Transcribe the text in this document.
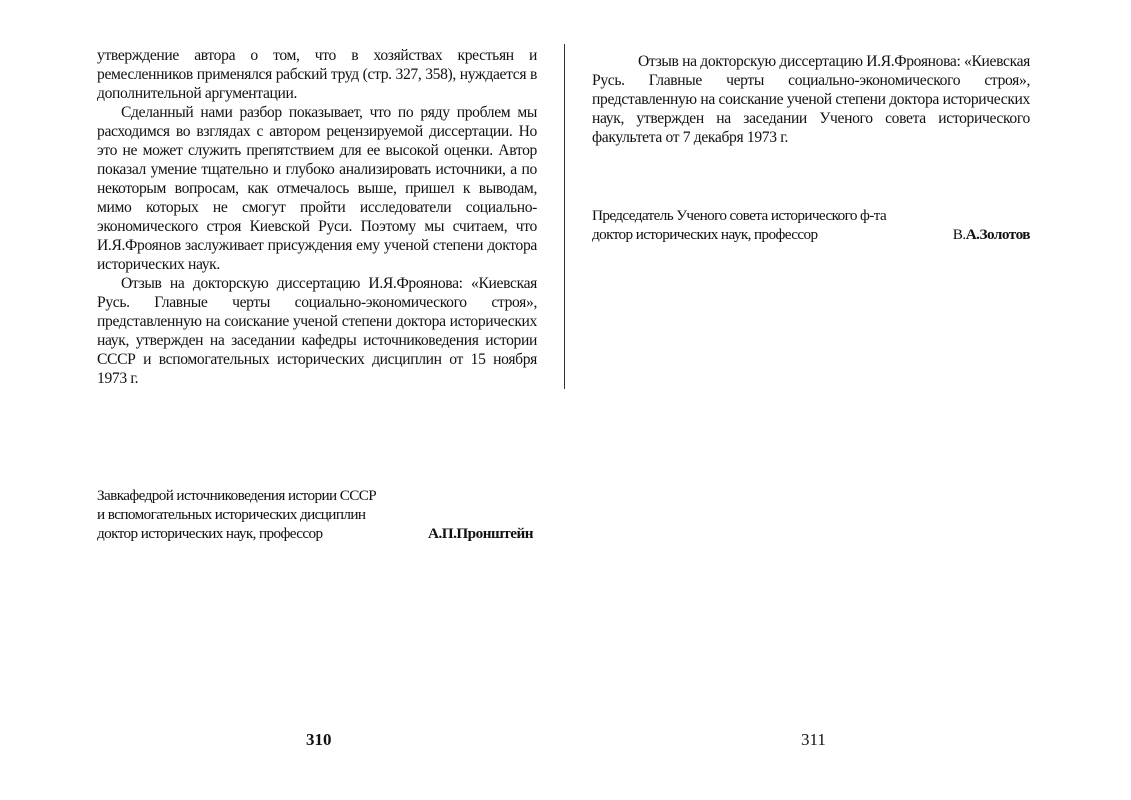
утверждение автора о том, что в хозяйствах крестьян и ремесленников применялся рабский труд (стр. 327, 358), нуждается в дополнительной аргументации.

Сделанный нами разбор показывает, что по ряду проблем мы расходимся во взглядах с автором рецензируемой диссертации. Но это не может служить препятствием для ее высокой оценки. Автор показал умение тщательно и глубоко анализировать источники, а по некоторым вопросам, как отмечалось выше, пришел к выводам, мимо которых не смогут пройти исследователи социально-экономического строя Киевской Руси. Поэтому мы считаем, что И.Я.Фроянов заслуживает присуждения ему ученой степени доктора исторических наук.

Отзыв на докторскую диссертацию И.Я.Фроянова: «Киевская Русь. Главные черты социально-экономического строя», представленную на соискание ученой степени доктора исторических наук, утвержден на заседании кафедры источниковедения истории СССР и вспомогательных исторических дисциплин от 15 ноября 1973 г.

Завкафедрой источниковедения истории СССР
и вспомогательных исторических дисциплин
доктор исторических наук, профессор	А.П.Пронштейн
310

Отзыв на докторскую диссертацию И.Я.Фроянова: «Киевская Русь. Главные черты социально-экономического строя», представленную на соискание ученой степени доктора исторических наук, утвержден на заседании Ученого совета исторического факультета от 7 декабря 1973 г.

Председатель Ученого совета исторического ф-та
доктор исторических наук, профессор	В.А.Золотов
311
